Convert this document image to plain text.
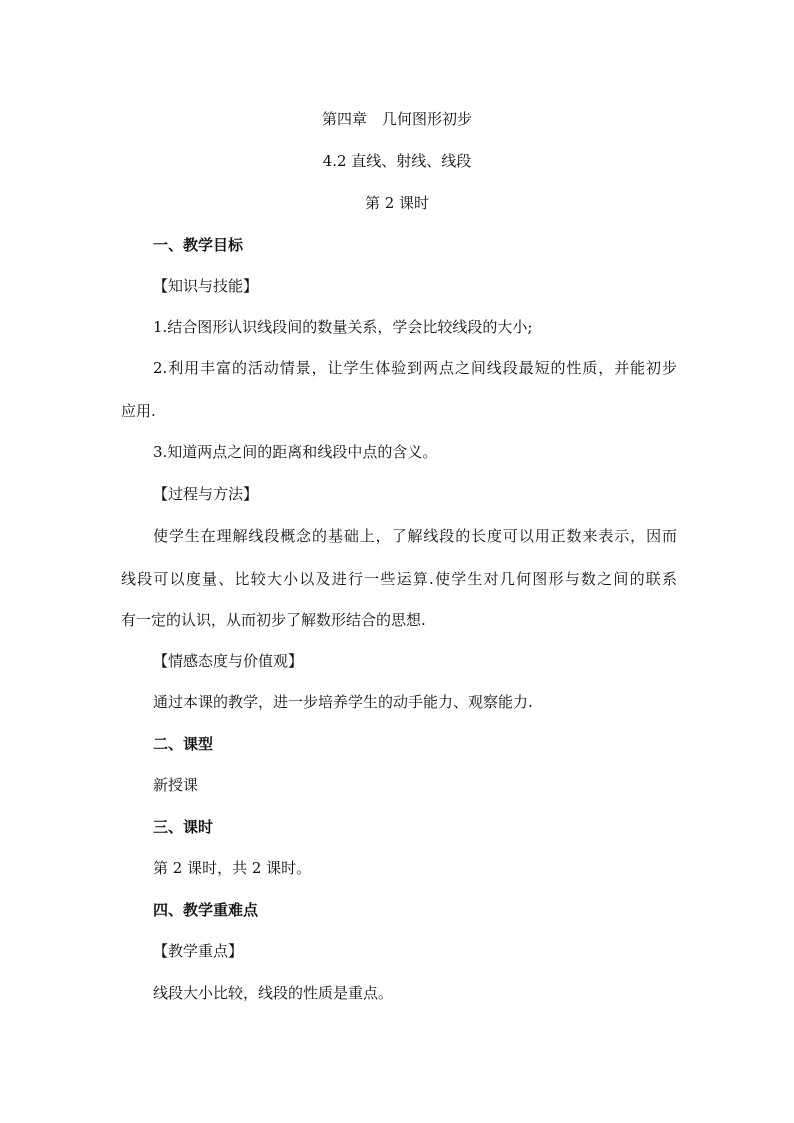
第四章　几何图形初步
4.2 直线、射线、线段
第 2 课时
一、教学目标
【知识与技能】
1.结合图形认识线段间的数量关系，学会比较线段的大小;
2.利用丰富的活动情景，让学生体验到两点之间线段最短的性质，并能初步
应用.
3.知道两点之间的距离和线段中点的含义。
【过程与方法】
使学生在理解线段概念的基础上，了解线段的长度可以用正数来表示，因而
线段可以度量、比较大小以及进行一些运算.使学生对几何图形与数之间的联系
有一定的认识，从而初步了解数形结合的思想.
【情感态度与价值观】
通过本课的教学，进一步培养学生的动手能力、观察能力.
二、课型
新授课
三、课时
第 2 课时，共 2 课时。
四、教学重难点
【教学重点】
线段大小比较，线段的性质是重点。
